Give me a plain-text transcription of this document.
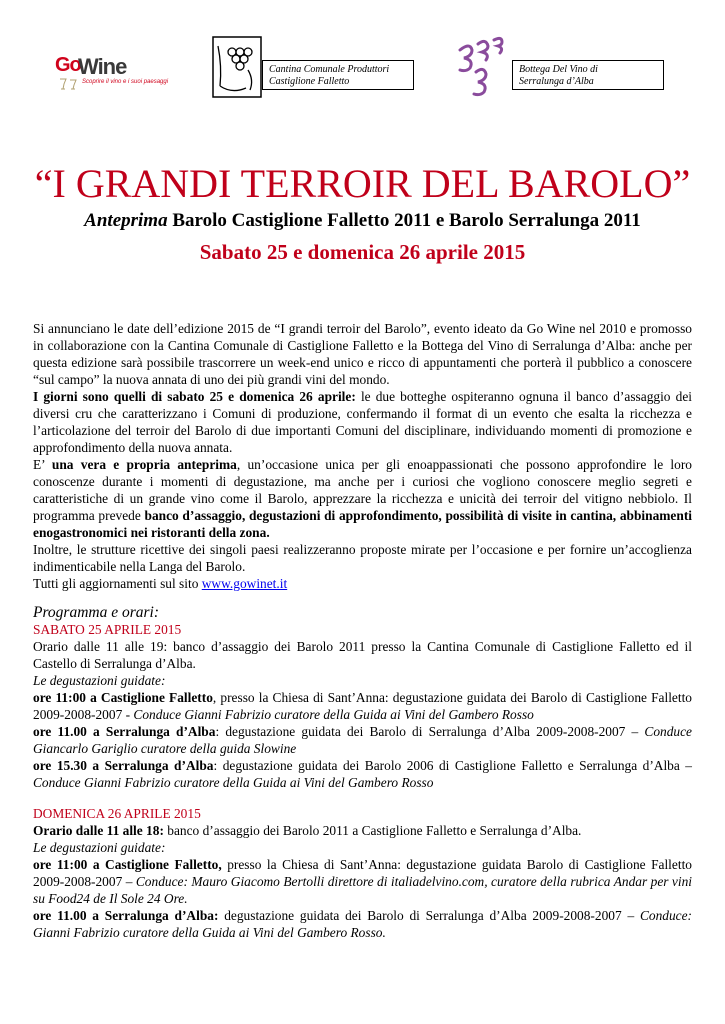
Go
Wine
Scoprire il vino e i suoi paesaggi
Cantina Comunale Produttori
Castiglione Falletto
Bottega Del Vino di
Serralunga d’Alba
“I GRANDI TERROIR DEL BAROLO”
Anteprima Barolo Castiglione Falletto 2011 e Barolo Serralunga 2011
Sabato 25 e domenica 26 aprile 2015

Si annunciano le date dell’edizione 2015 de “I grandi terroir del Barolo”, evento ideato da Go Wine nel 2010 e promosso in collaborazione con la Cantina Comunale di Castiglione Falletto e la Bottega del Vino di Serralunga d’Alba: anche per questa edizione sarà possibile trascorrere un week-end unico e ricco di appuntamenti che porterà il pubblico a conoscere “sul campo” la nuova annata di uno dei più grandi vini del mondo.

I giorni sono quelli di sabato 25 e domenica 26 aprile: le due botteghe ospiteranno ognuna il banco d’assaggio dei diversi cru che caratterizzano i Comuni di produzione, confermando il format di un evento che esalta la ricchezza e l’articolazione del terroir del Barolo di due importanti Comuni del disciplinare, individuando momenti di promozione e approfondimento della nuova annata.

E’ una vera e propria anteprima, un’occasione unica per gli enoappassionati che possono approfondire le loro conoscenze durante i momenti di degustazione, ma anche per i curiosi che vogliono conoscere meglio segreti e caratteristiche di un grande vino come il Barolo, apprezzare la ricchezza e unicità dei terroir del vitigno nebbiolo. Il programma prevede banco d’assaggio, degustazioni di approfondimento, possibilità di visite in cantina, abbinamenti enogastronomici nei ristoranti della zona.

Inoltre, le strutture ricettive dei singoli paesi realizzeranno proposte mirate per l’occasione e per fornire un’accoglienza indimenticabile nella Langa del Barolo.

Tutti gli aggiornamenti sul sito www.gowinet.it

Programma e orari:

SABATO 25 APRILE 2015

Orario dalle 11 alle 19: banco d’assaggio dei Barolo 2011 presso la Cantina Comunale di Castiglione Falletto ed il Castello di Serralunga d’Alba.

Le degustazioni guidate:

ore 11:00 a Castiglione Falletto, presso la Chiesa di Sant’Anna: degustazione guidata dei Barolo di Castiglione Falletto 2009-2008-2007 - Conduce Gianni Fabrizio curatore della Guida ai Vini del Gambero Rosso

ore 11.00 a Serralunga d’Alba: degustazione guidata dei Barolo di Serralunga d’Alba 2009-2008-2007 – Conduce Giancarlo Gariglio curatore della guida Slowine

ore 15.30 a Serralunga d’Alba: degustazione guidata dei Barolo 2006 di Castiglione Falletto e Serralunga d’Alba – Conduce Gianni Fabrizio curatore della Guida ai Vini del Gambero Rosso

DOMENICA 26 APRILE 2015

Orario dalle 11 alle 18: banco d’assaggio dei Barolo 2011 a Castiglione Falletto e Serralunga d’Alba.

Le degustazioni guidate:

ore 11:00 a Castiglione Falletto, presso la Chiesa di Sant’Anna: degustazione guidata Barolo di Castiglione Falletto 2009-2008-2007 – Conduce: Mauro Giacomo Bertolli direttore di italiadelvino.com, curatore della rubrica Andar per vini su Food24 de Il Sole 24 Ore.

ore 11.00 a Serralunga d’Alba: degustazione guidata dei Barolo di Serralunga d’Alba 2009-2008-2007 – Conduce: Gianni Fabrizio curatore della Guida ai Vini del Gambero Rosso.
